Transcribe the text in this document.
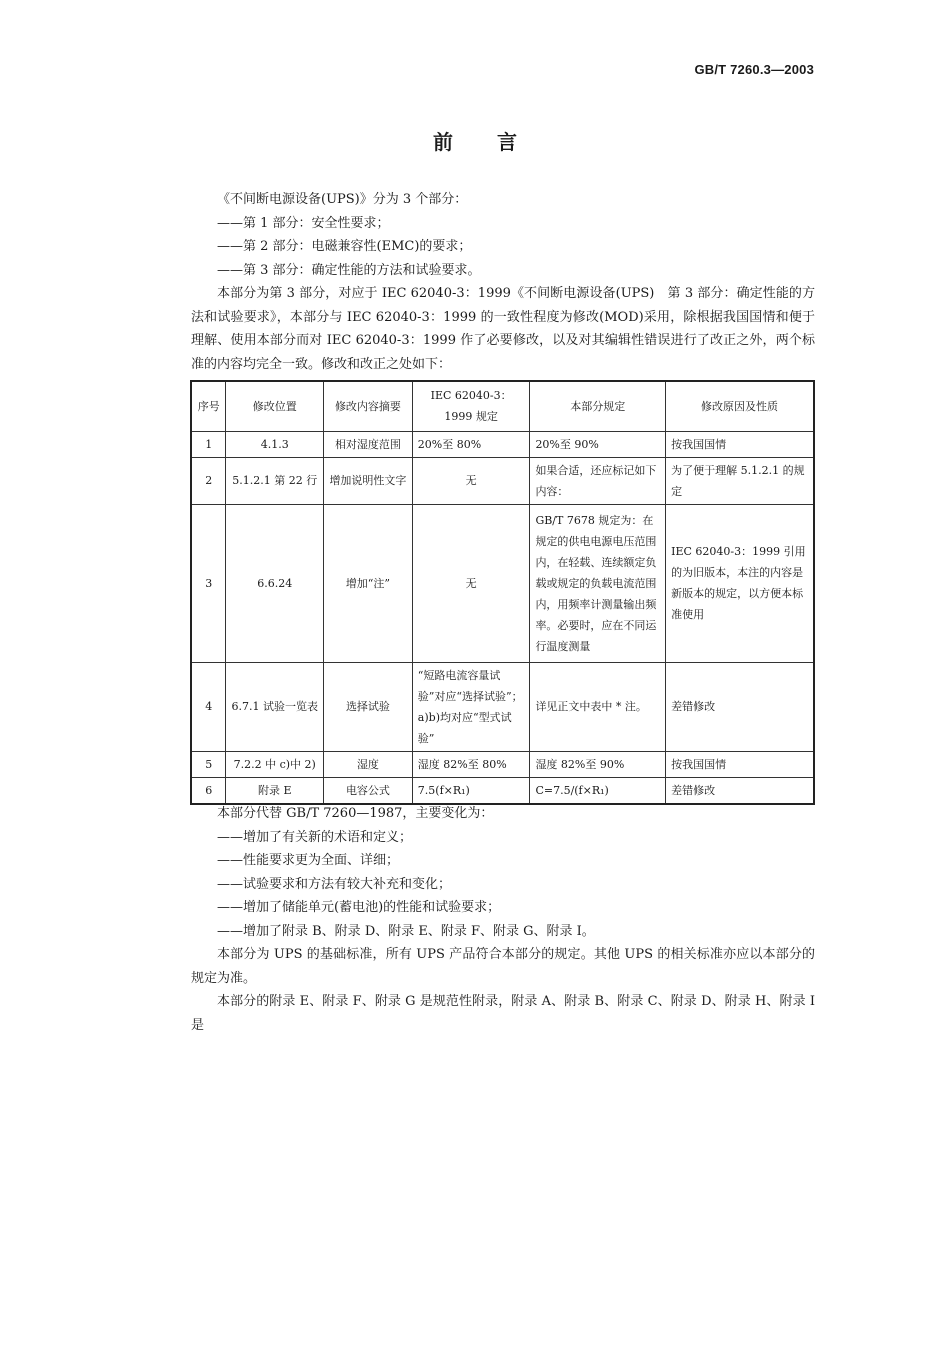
GB/T 7260.3—2003
前 言

《不间断电源设备(UPS)》分为 3 个部分：

——第 1 部分：安全性要求；

——第 2 部分：电磁兼容性(EMC)的要求；

——第 3 部分：确定性能的方法和试验要求。

本部分为第 3 部分，对应于 IEC 62040-3：1999《不间断电源设备(UPS)　第 3 部分：确定性能的方法和试验要求》，本部分与 IEC 62040-3：1999 的一致性程度为修改(MOD)采用，除根据我国国情和便于理解、使用本部分而对 IEC 62040-3：1999 作了必要修改，以及对其编辑性错误进行了改正之外，两个标准的内容均完全一致。修改和改正之处如下：

序号	修改位置	修改内容摘要	IEC 62040-3：1999 规定	本部分规定	修改原因及性质
1	4.1.3	相对湿度范围	20%至 80%	20%至 90%	按我国国情
2	5.1.2.1 第 22 行	增加说明性文字	无	如果合适，还应标记如下内容：	为了便于理解 5.1.2.1 的规定
3	6.6.24	增加“注”	无	GB/T 7678 规定为：在规定的供电电源电压范围内，在轻载、连续额定负载或规定的负载电流范围内，用频率计测量输出频率。必要时，应在不同运行温度测量	IEC 62040-3：1999 引用的为旧版本，本注的内容是新版本的规定，以方便本标准使用
4	6.7.1 试验一览表	选择试验	“短路电流容量试验”对应“选择试验”；a)b)均对应“型式试验”	详见正文中表中 * 注。	差错修改
5	7.2.2 中 c)中 2)	湿度	湿度 82%至 80%	湿度 82%至 90%	按我国国情
6	附录 E	电容公式	7.5(f×R₁)	C=7.5/(f×R₁)	差错修改

本部分代替 GB/T 7260—1987，主要变化为：

——增加了有关新的术语和定义；

——性能要求更为全面、详细；

——试验要求和方法有较大补充和变化；

——增加了储能单元(蓄电池)的性能和试验要求；

——增加了附录 B、附录 D、附录 E、附录 F、附录 G、附录 I。

本部分为 UPS 的基础标准，所有 UPS 产品符合本部分的规定。其他 UPS 的相关标准亦应以本部分的规定为准。

本部分的附录 E、附录 F、附录 G 是规范性附录，附录 A、附录 B、附录 C、附录 D、附录 H、附录 I 是
